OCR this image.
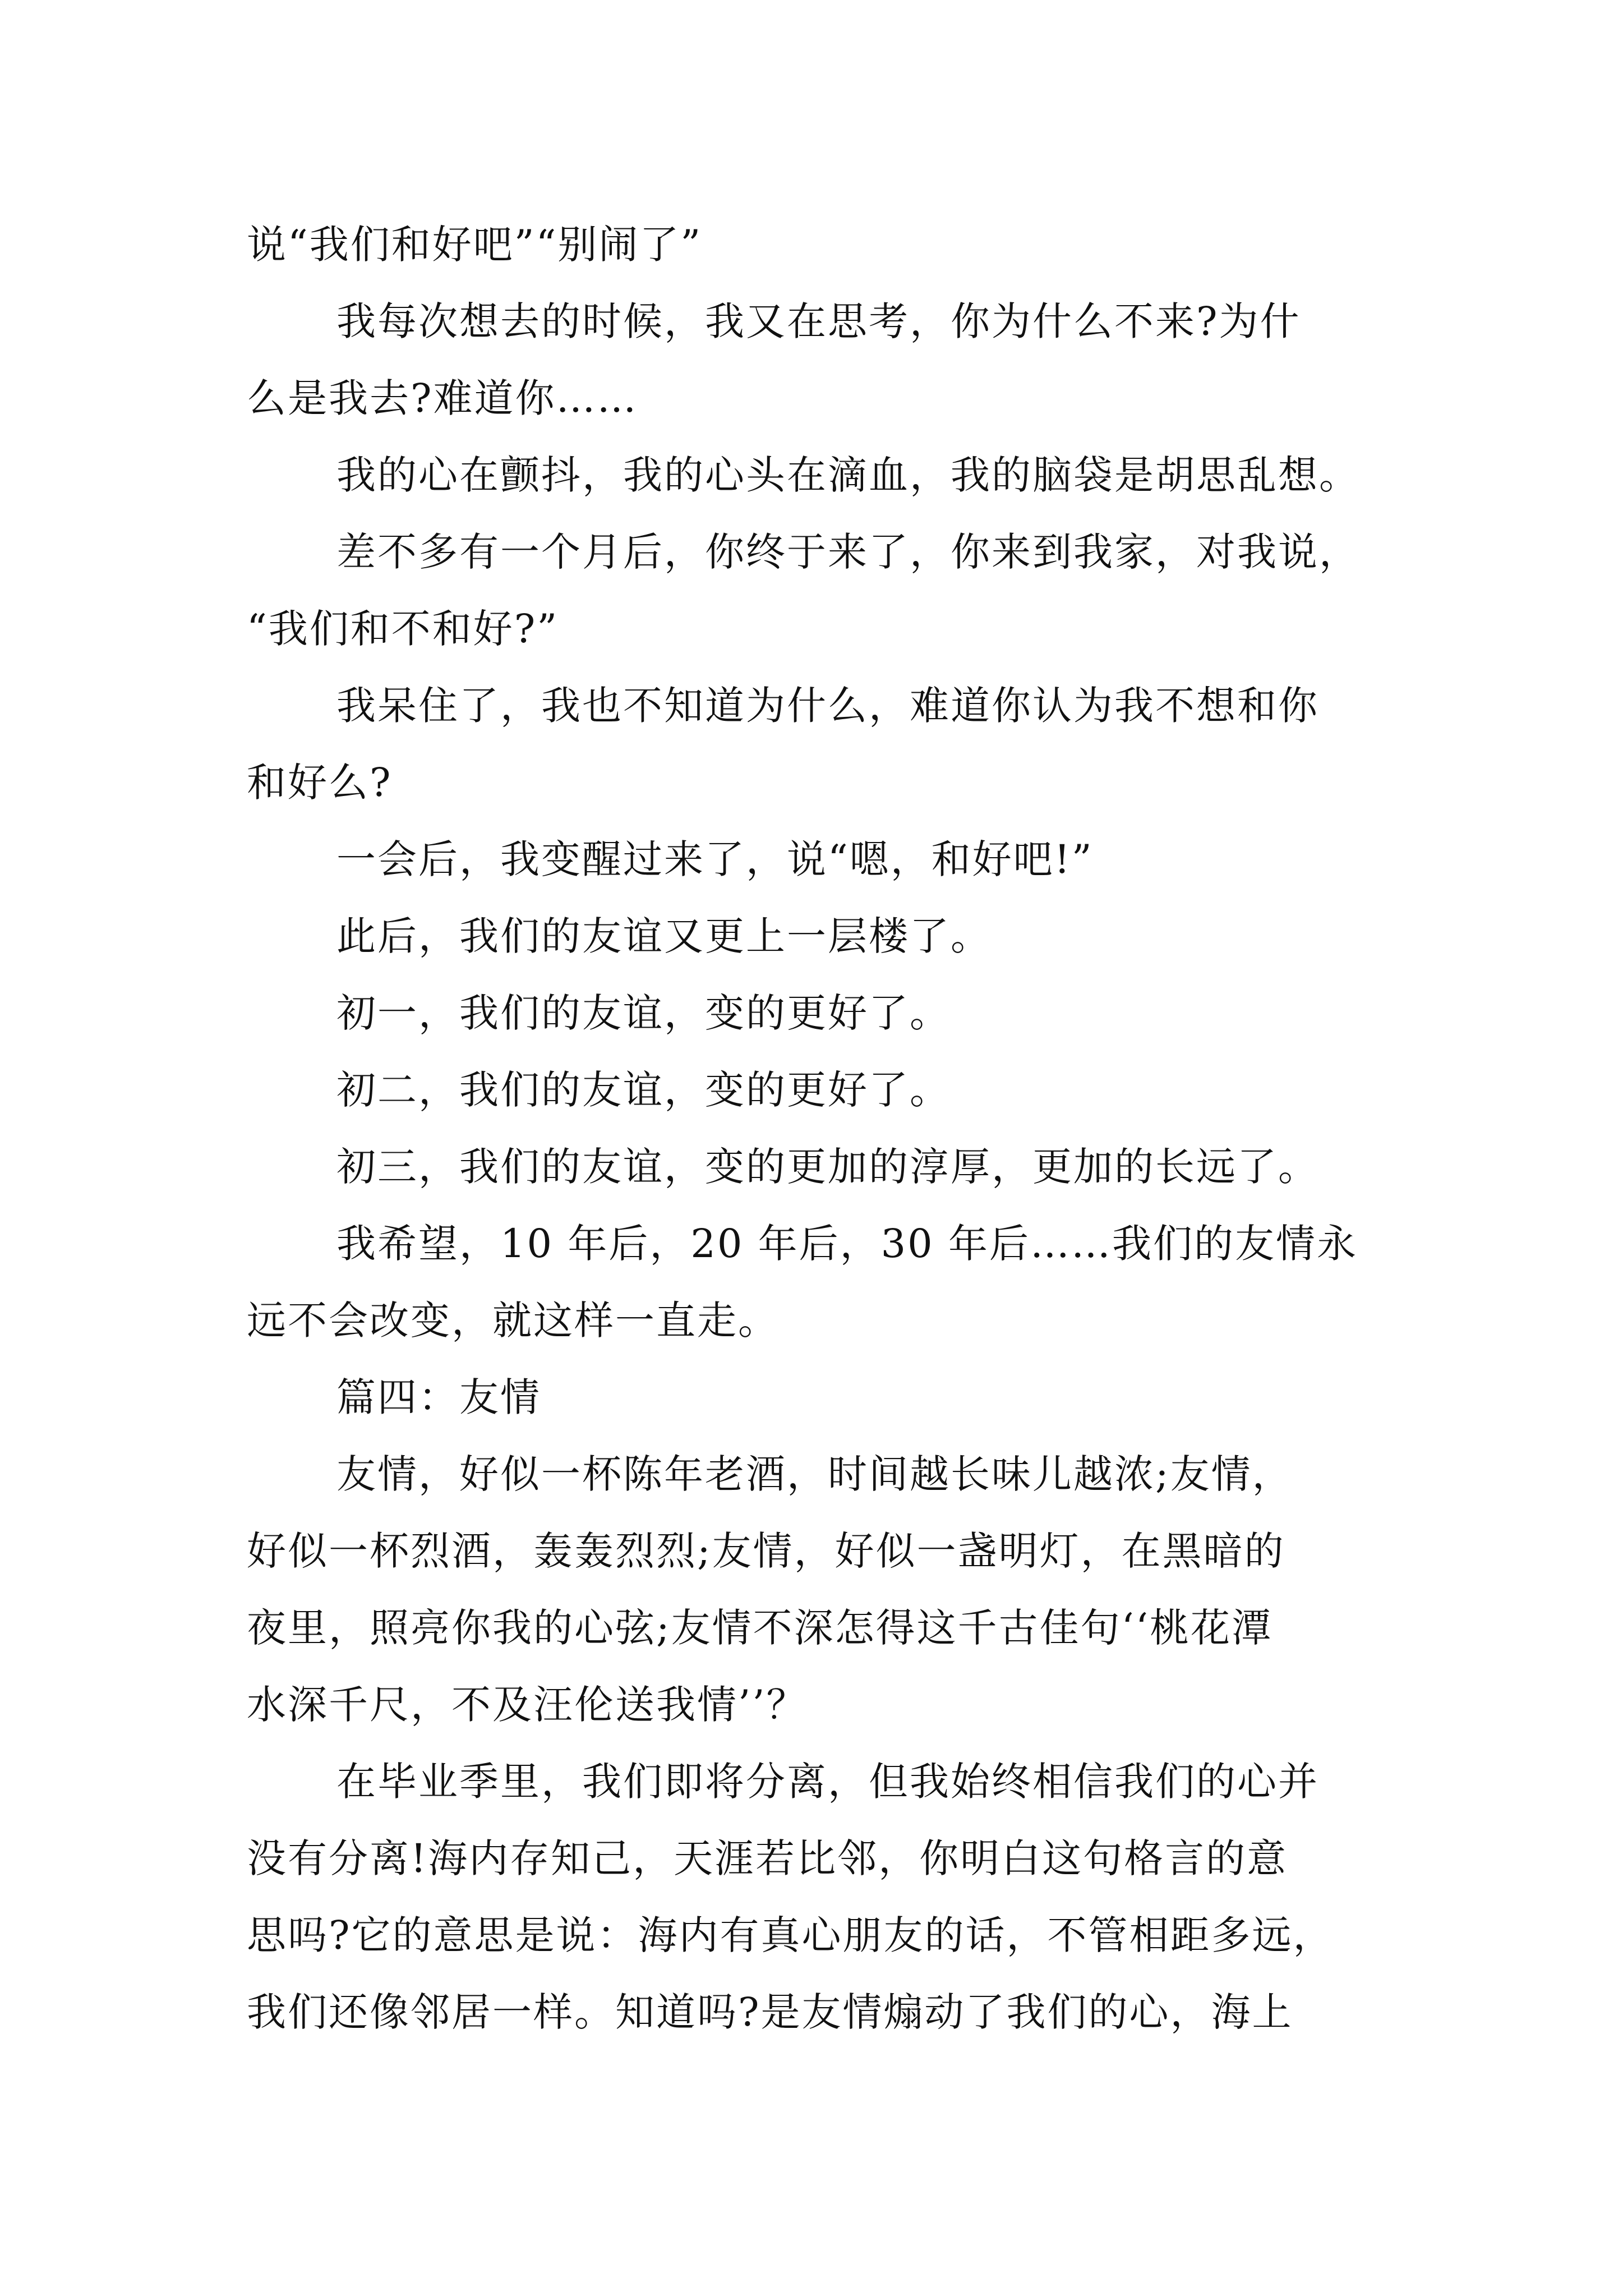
说“我们和好吧”“别闹了”
我每次想去的时候，我又在思考，你为什么不来?为什
么是我去?难道你……
我的心在颤抖，我的心头在滴血，我的脑袋是胡思乱想。
差不多有一个月后，你终于来了，你来到我家，对我说，
“我们和不和好?”
我呆住了，我也不知道为什么，难道你认为我不想和你
和好么?
一会后，我变醒过来了，说“嗯，和好吧!”
此后，我们的友谊又更上一层楼了。
初一，我们的友谊，变的更好了。
初二，我们的友谊，变的更好了。
初三，我们的友谊，变的更加的淳厚，更加的长远了。
我希望，10 年后，20 年后，30 年后……我们的友情永
远不会改变，就这样一直走。
篇四：友情
友情，好似一杯陈年老酒，时间越长味儿越浓;友情，
好似一杯烈酒，轰轰烈烈;友情，好似一盏明灯，在黑暗的
夜里，照亮你我的心弦;友情不深怎得这千古佳句‘‘桃花潭
水深千尺，不及汪伦送我情’’？
在毕业季里，我们即将分离，但我始终相信我们的心并
没有分离!海内存知己，天涯若比邻，你明白这句格言的意
思吗?它的意思是说：海内有真心朋友的话，不管相距多远，
我们还像邻居一样。知道吗?是友情煽动了我们的心，海上
